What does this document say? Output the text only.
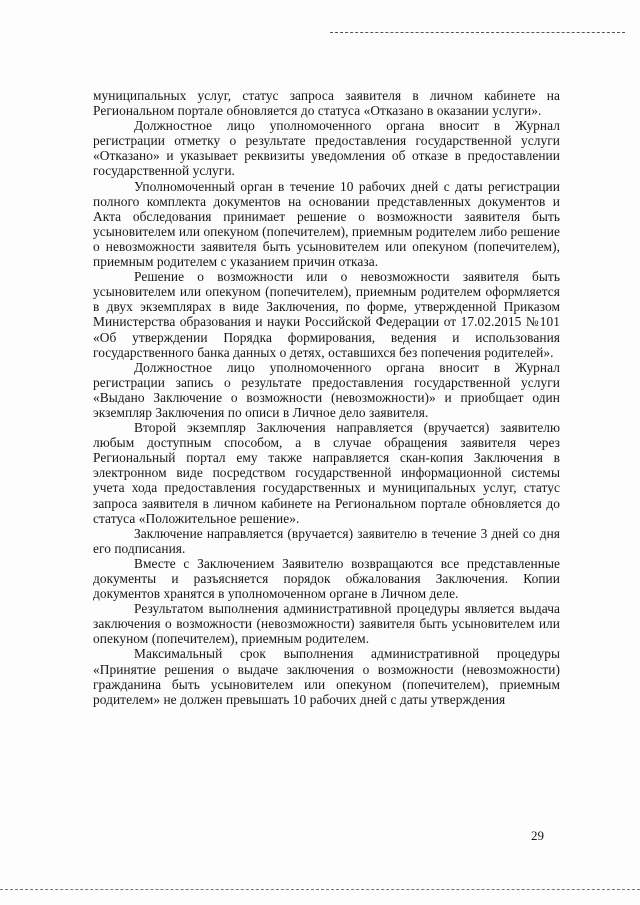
муниципальных услуг, статус запроса заявителя в личном кабинете на Региональном портале обновляется до статуса «Отказано в оказании услуги».

Должностное лицо уполномоченного органа вносит в Журнал регистрации отметку о результате предоставления государственной услуги «Отказано» и указывает реквизиты уведомления об отказе в предоставлении государственной услуги.

Уполномоченный орган в течение 10 рабочих дней с даты регистрации полного комплекта документов на основании представленных документов и Акта обследования принимает решение о возможности заявителя быть усыновителем или опекуном (попечителем), приемным родителем либо решение о невозможности заявителя быть усыновителем или опекуном (попечителем), приемным родителем с указанием причин отказа.

Решение о возможности или о невозможности заявителя быть усыновителем или опекуном (попечителем), приемным родителем оформляется в двух экземплярах в виде Заключения, по форме, утвержденной Приказом Министерства образования и науки Российской Федерации от 17.02.2015 №101 «Об утверждении Порядка формирования, ведения и использования государственного банка данных о детях, оставшихся без попечения родителей».

Должностное лицо уполномоченного органа вносит в Журнал регистрации запись о результате предоставления государственной услуги «Выдано Заключение о возможности (невозможности)» и приобщает один экземпляр Заключения по описи в Личное дело заявителя.

Второй экземпляр Заключения направляется (вручается) заявителю любым доступным способом, а в случае обращения заявителя через Региональный портал ему также направляется скан-копия Заключения в электронном виде посредством государственной информационной системы учета хода предоставления государственных и муниципальных услуг, статус запроса заявителя в личном кабинете на Региональном портале обновляется до статуса «Положительное решение».

Заключение направляется (вручается) заявителю в течение 3 дней со дня его подписания.

Вместе с Заключением Заявителю возвращаются все представленные документы и разъясняется порядок обжалования Заключения. Копии документов хранятся в уполномоченном органе в Личном деле.

Результатом выполнения административной процедуры является выдача заключения о возможности (невозможности) заявителя быть усыновителем или опекуном (попечителем), приемным родителем.

Максимальный срок выполнения административной процедуры «Принятие решения о выдаче заключения о возможности (невозможности) гражданина быть усыновителем или опекуном (попечителем), приемным родителем» не должен превышать 10 рабочих дней с даты утверждения

29
